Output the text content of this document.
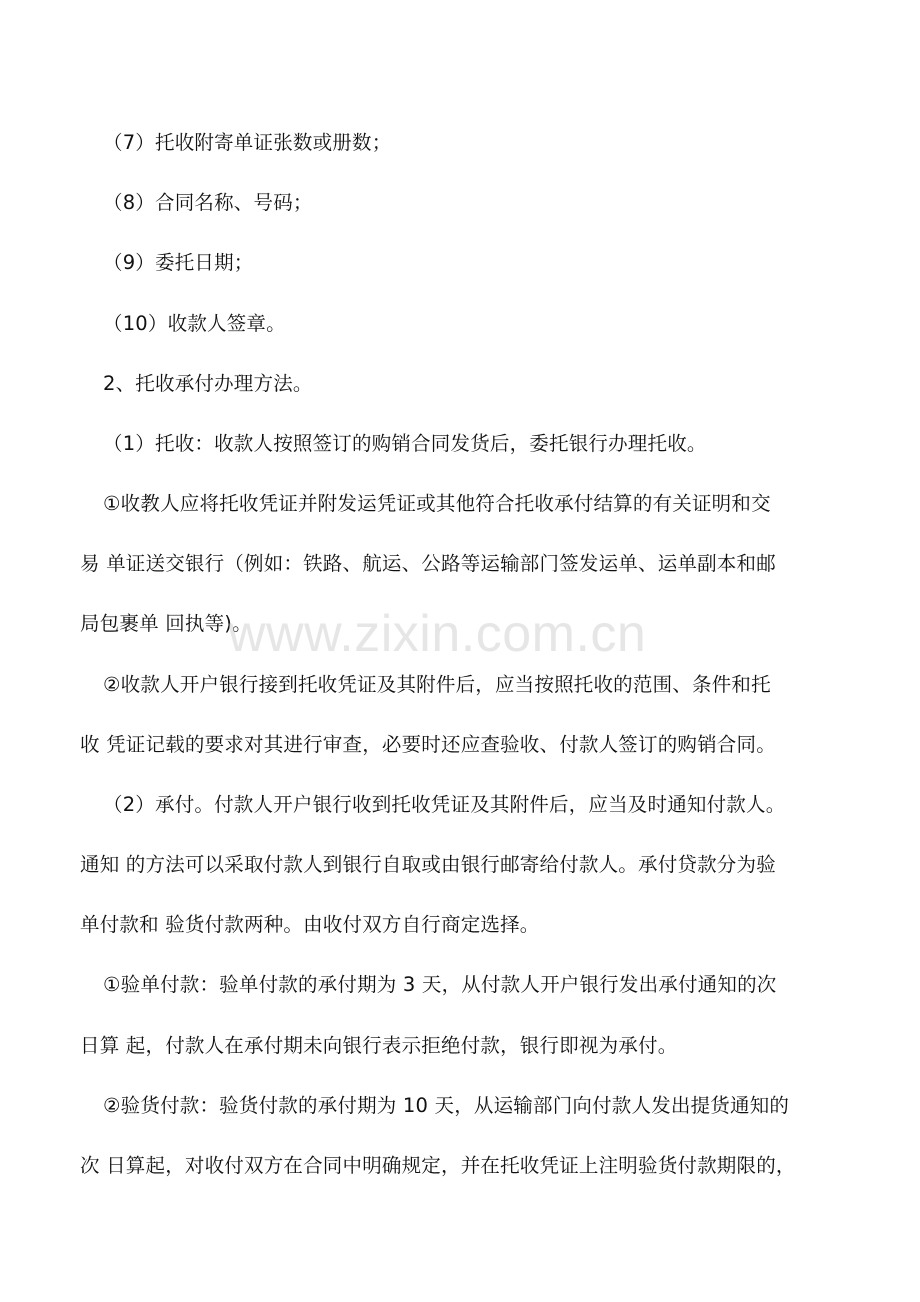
（7）托收附寄单证张数或册数；
（8）合同名称、号码；
（9）委托日期；
（10）收款人签章。
2、托收承付办理方法。
（1）托收：收款人按照签订的购销合同发货后，委托银行办理托收。
①收教人应将托收凭证并附发运凭证或其他符合托收承付结算的有关证明和交
易 单证送交银行（例如：铁路、航运、公路等运输部门签发运单、运单副本和邮
局包裹单 回执等)。
②收款人开户银行接到托收凭证及其附件后，应当按照托收的范围、条件和托
收 凭证记载的要求对其进行审查，必要时还应查验收、付款人签订的购销合同。
（2）承付。付款人开户银行收到托收凭证及其附件后，应当及时通知付款人。
通知 的方法可以采取付款人到银行自取或由银行邮寄给付款人。承付贷款分为验
单付款和 验货付款两种。由收付双方自行商定选择。
①验单付款：验单付款的承付期为 3 天，从付款人开户银行发出承付通知的次
日算 起，付款人在承付期未向银行表示拒绝付款，银行即视为承付。
②验货付款：验货付款的承付期为 10 天，从运输部门向付款人发出提货通知的
次 日算起，对收付双方在合同中明确规定，并在托收凭证上注明验货付款期限的，
www.zixin.com.cn
